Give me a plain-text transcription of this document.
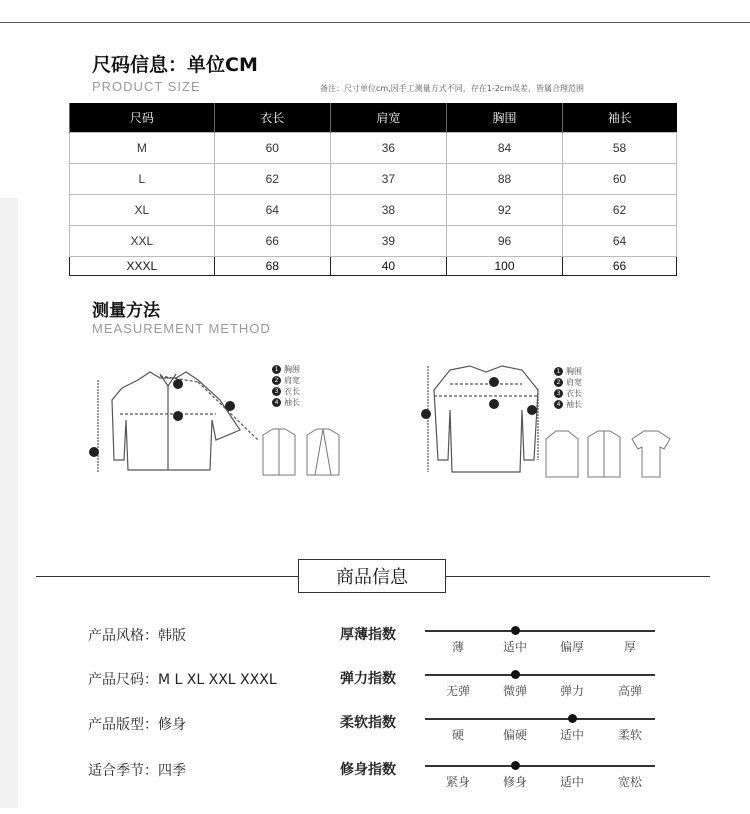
尺码信息：单位CM
PRODUCT SIZE	备注：尺寸单位cm,因手工测量方式不同，存在1-2cm误差，皆属合理范围
尺码	衣长	肩宽	胸围	袖长
M	60	36	84	58
L	62	37	88	60
XL	64	38	92	62
XXL	66	39	96	64
XXXL	68	40	100	66
测量方法
MEASUREMENT METHOD
1 胸围
2 肩宽
3 衣长
4 袖长
1 胸围
2 肩宽
3 衣长
4 袖长
商品信息
产品风格：韩版
产品尺码：M L XL XXL XXXL
产品版型：修身
适合季节：四季
厚薄指数
薄	适中	偏厚	厚
弹力指数
无弹	微弹	弹力	高弹
柔软指数
硬	偏硬	适中	柔软
修身指数
紧身	修身	适中	宽松
